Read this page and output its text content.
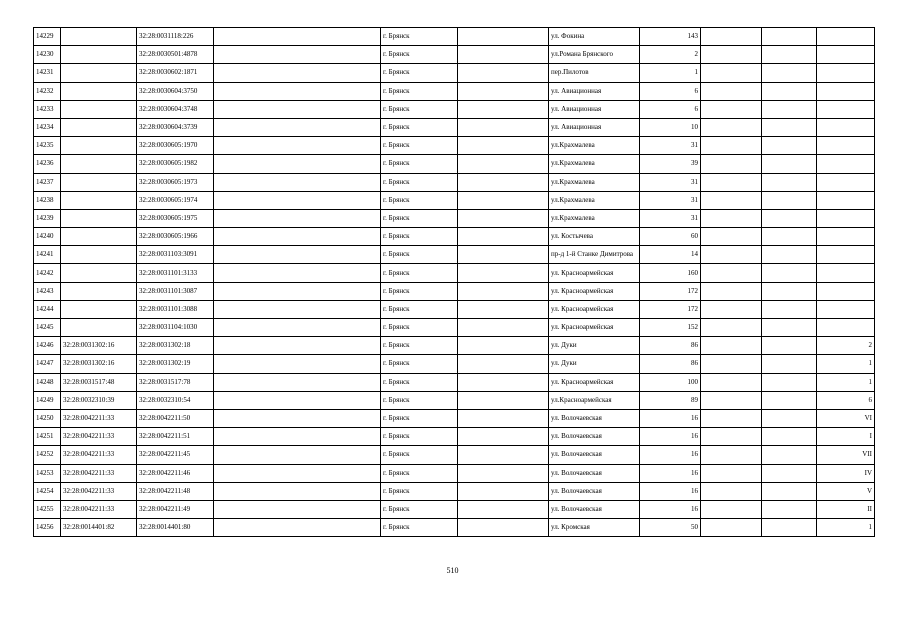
14229		32:28:0031118:226		г. Брянск		ул. Фокина	143			
14230		32:28:0030501:4878		г. Брянск		ул.Романа Брянского	2			
14231		32:28:0030602:1871		г. Брянск		пер.Пилотов	1			
14232		32:28:0030604:3750		г. Брянск		ул. Авиационная	6			
14233		32:28:0030604:3748		г. Брянск		ул. Авиационная	6			
14234		32:28:0030604:3739		г. Брянск		ул. Авиационная	10			
14235		32:28:0030605:1970		г. Брянск		ул.Крахмалева	31			
14236		32:28:0030605:1982		г. Брянск		ул.Крахмалева	39			
14237		32:28:0030605:1973		г. Брянск		ул.Крахмалева	31			
14238		32:28:0030605:1974		г. Брянск		ул.Крахмалева	31			
14239		32:28:0030605:1975		г. Брянск		ул.Крахмалева	31			
14240		32:28:0030605:1966		г. Брянск		ул. Костычева	60			
14241		32:28:0031103:3091		г. Брянск		пр-д 1-й Станке Димитрова	14			
14242		32:28:0031101:3133		г. Брянск		ул. Красноармейская	160			
14243		32:28:0031101:3087		г. Брянск		ул. Красноармейская	172			
14244		32:28:0031101:3088		г. Брянск		ул. Красноармейская	172			
14245		32:28:0031104:1030		г. Брянск		ул. Красноармейская	152			
14246	32:28:0031302:16	32:28:0031302:18		г. Брянск		ул. Дуки	86			2
14247	32:28:0031302:16	32:28:0031302:19		г. Брянск		ул. Дуки	86			1
14248	32:28:0031517:48	32:28:0031517:78		г. Брянск		ул. Красноармейская	100			1
14249	32:28:0032310:39	32:28:0032310:54		г. Брянск		ул.Красноармейская	89			6
14250	32:28:0042211:33	32:28:0042211:50		г. Брянск		ул. Волочаевская	16			VI
14251	32:28:0042211:33	32:28:0042211:51		г. Брянск		ул. Волочаевская	16			I
14252	32:28:0042211:33	32:28:0042211:45		г. Брянск		ул. Волочаевская	16			VII
14253	32:28:0042211:33	32:28:0042211:46		г. Брянск		ул. Волочаевская	16			IV
14254	32:28:0042211:33	32:28:0042211:48		г. Брянск		ул. Волочаевская	16			V
14255	32:28:0042211:33	32:28:0042211:49		г. Брянск		ул. Волочаевская	16			II
14256	32:28:0014401:82	32:28:0014401:80		г. Брянск		ул. Кромская	50			1
510
